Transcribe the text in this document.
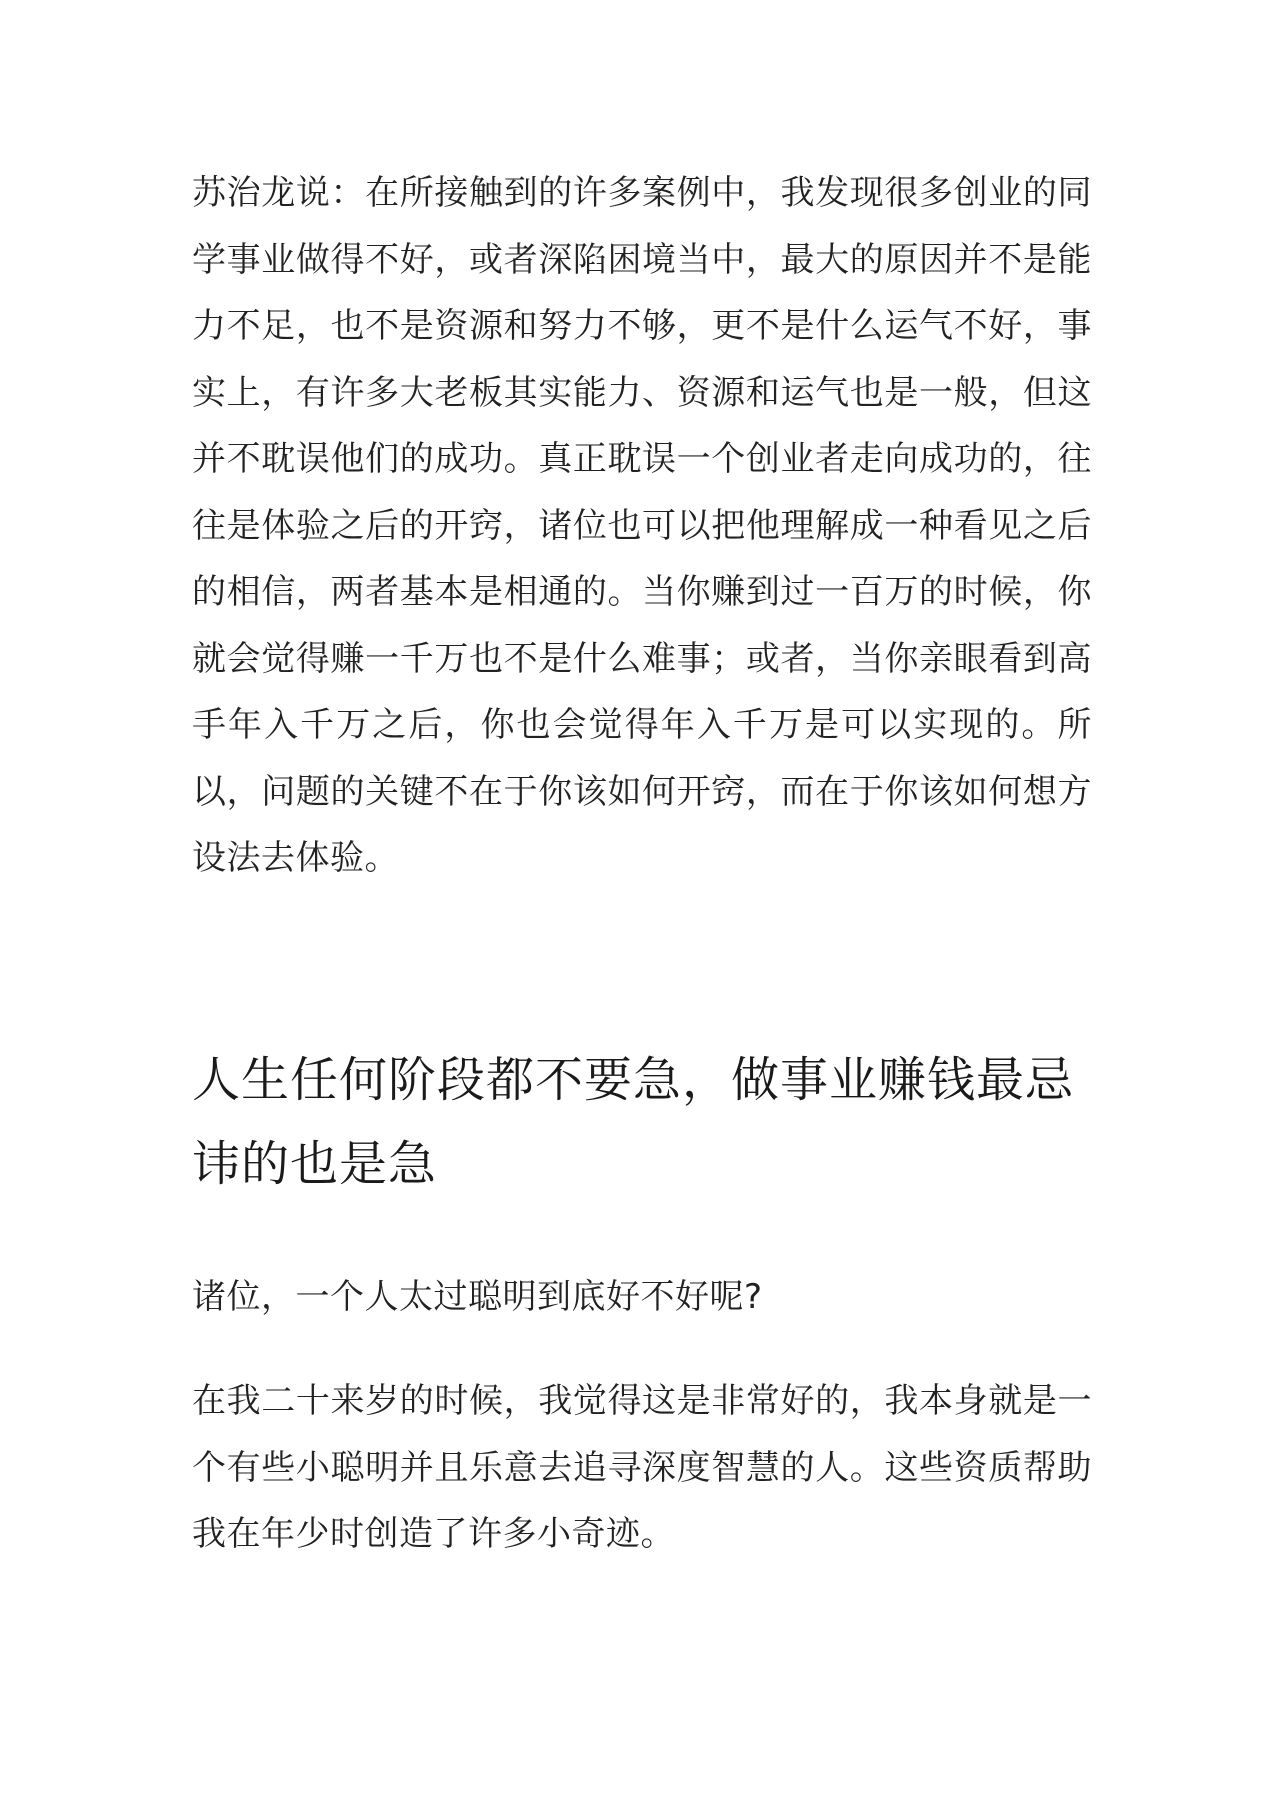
苏治龙说：在所接触到的许多案例中，我发现很多创业的同学事业做得不好，或者深陷困境当中，最大的原因并不是能力不足，也不是资源和努力不够，更不是什么运气不好，事实上，有许多大老板其实能力、资源和运气也是一般，但这并不耽误他们的成功。真正耽误一个创业者走向成功的，往往是体验之后的开窍，诸位也可以把他理解成一种看见之后的相信，两者基本是相通的。当你赚到过一百万的时候，你就会觉得赚一千万也不是什么难事；或者，当你亲眼看到高手年入千万之后，你也会觉得年入千万是可以实现的。所以，问题的关键不在于你该如何开窍，而在于你该如何想方设法去体验。

人生任何阶段都不要急，做事业赚钱最忌讳的也是急

诸位，一个人太过聪明到底好不好呢?

在我二十来岁的时候，我觉得这是非常好的，我本身就是一个有些小聪明并且乐意去追寻深度智慧的人。这些资质帮助我在年少时创造了许多小奇迹。
